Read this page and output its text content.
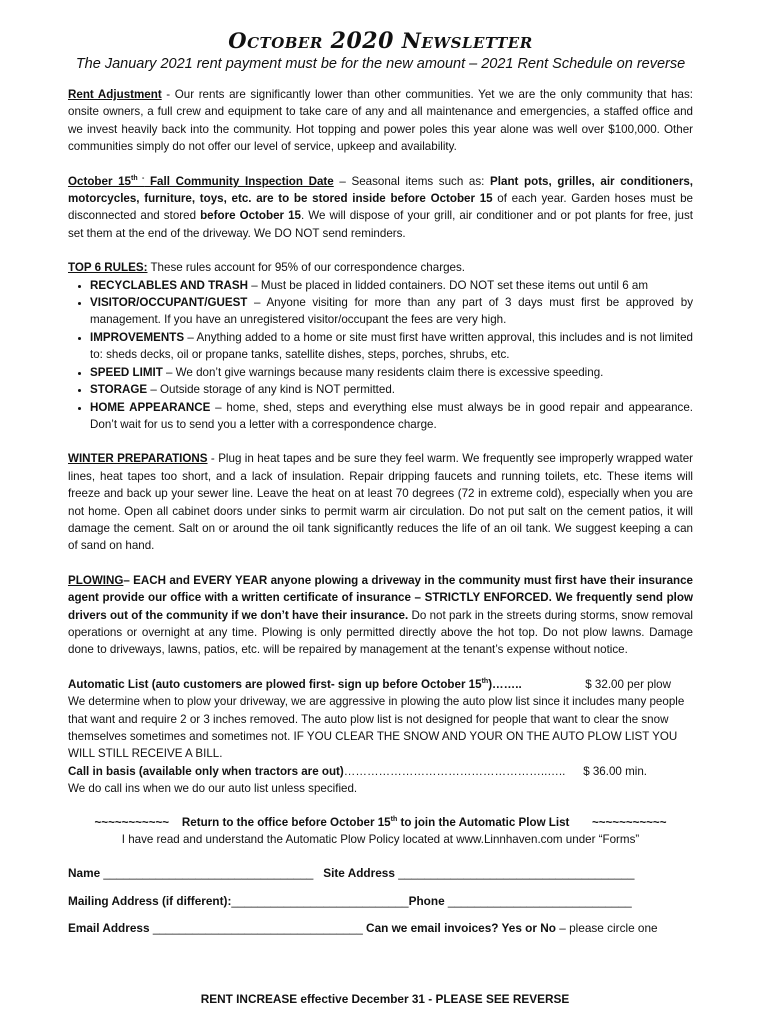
October 2020 Newsletter
The January 2021 rent payment must be for the new amount – 2021 Rent Schedule on reverse

Rent Adjustment - Our rents are significantly lower than other communities. Yet we are the only community that has: onsite owners, a full crew and equipment to take care of any and all maintenance and emergencies, a staffed office and we invest heavily back into the community. Hot topping and power poles this year alone was well over $100,000. Other communities simply do not offer our level of service, upkeep and availability.

October $15^{th -}$ Fall Community Inspection Date – Seasonal items such as: Plant pots, grilles, air conditioners, motorcycles, furniture, toys, etc. are to be stored inside before October 15 of each year. Garden hoses must be disconnected and stored before October 15. We will dispose of your grill, air conditioner and or pot plants for free, just set them at the end of the driveway. We DO NOT send reminders.

TOP 6 RULES: These rules account for 95% of our correspondence charges.

• RECYCLABLES AND TRASH – Must be placed in lidded containers. DO NOT set these items out until 6 am
• VISITOR/OCCUPANT/GUEST – Anyone visiting for more than any part of 3 days must first be approved by management. If you have an unregistered visitor/occupant the fees are very high.
• IMPROVEMENTS – Anything added to a home or site must first have written approval, this includes and is not limited to: sheds decks, oil or propane tanks, satellite dishes, steps, porches, shrubs, etc.
• SPEED LIMIT – We don’t give warnings because many residents claim there is excessive speeding.
• STORAGE – Outside storage of any kind is NOT permitted.
• HOME APPEARANCE – home, shed, steps and everything else must always be in good repair and appearance. Don’t wait for us to send you a letter with a correspondence charge.

WINTER PREPARATIONS - Plug in heat tapes and be sure they feel warm. We frequently see improperly wrapped water lines, heat tapes too short, and a lack of insulation. Repair dripping faucets and running toilets, etc. These items will freeze and back up your sewer line. Leave the heat on at least 70 degrees (72 in extreme cold), especially when you are not home. Open all cabinet doors under sinks to permit warm air circulation. Do not put salt on the cement patios, it will damage the cement. Salt on or around the oil tank significantly reduces the life of an oil tank. We suggest keeping a can of sand on hand.

PLOWING– EACH and EVERY YEAR anyone plowing a driveway in the community must first have their insurance agent provide our office with a written certificate of insurance – STRICTLY ENFORCED. We frequently send plow drivers out of the community if we don’t have their insurance. Do not park in the streets during storms, snow removal operations or overnight at any time. Plowing is only permitted directly above the hot top. Do not plow lawns. Damage done to driveways, lawns, patios, etc. will be repaired by management at the tenant’s expense without notice.

Automatic List (auto customers are plowed first- sign up before October 15th)……..	$ 32.00 per plow

We determine when to plow your driveway, we are aggressive in plowing the auto plow list since it includes many people that want and require 2 or 3 inches removed. The auto plow list is not designed for people that want to clear the snow themselves sometimes and sometimes not. IF YOU CLEAR THE SNOW AND YOUR ON THE AUTO PLOW LIST YOU WILL STILL RECEIVE A BILL.

Call in basis (available only when tractors are out)……………………………………………..….. $ 36.00 min.

We do call ins when we do our auto list unless specified.

~~~~~~~~~~~ Return to the office before October 15th to join the Automatic Plow List ~~~~~~~~~~~
I have read and understand the Automatic Plow Policy located at www.Linnhaven.com under “Forms”
Name ________________________________ Site Address ____________________________________
Mailing Address (if different):___________________________Phone ____________________________
Email Address ________________________________ Can we email invoices? Yes or No – please circle one
RENT INCREASE effective December 31 - PLEASE SEE REVERSE
